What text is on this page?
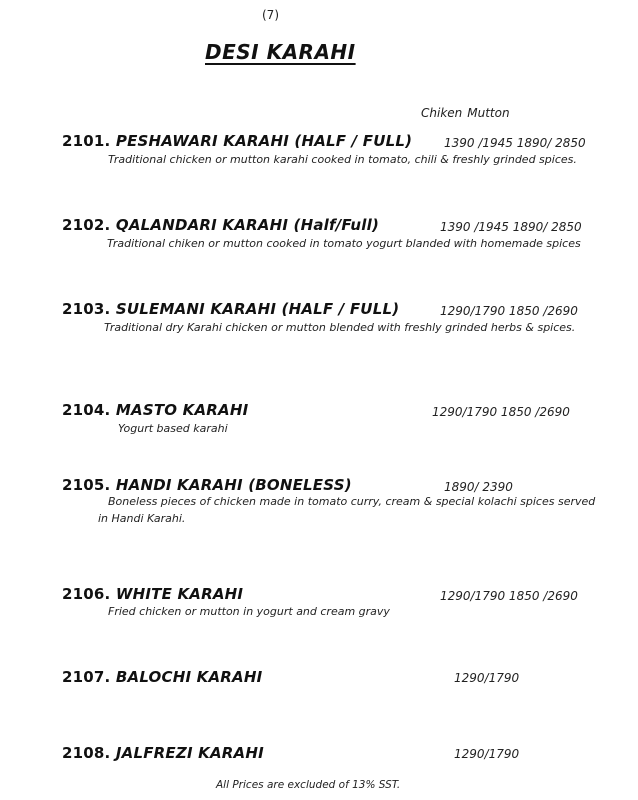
(7)
DESI KARAHI
Chiken Mutton
2101. PESHAWARI KARAHI (HALF / FULL)	1390 /1945 1890/ 2850
Traditional chicken or mutton karahi cooked in tomato, chili & freshly grinded spices.
2102. QALANDARI KARAHI (Half/Full)	1390 /1945 1890/ 2850
Traditional chiken or mutton cooked in tomato yogurt blanded with homemade spices
2103. SULEMANI KARAHI (HALF / FULL)	1290/1790 1850 /2690
Traditional dry Karahi chicken or mutton blended with freshly grinded herbs & spices.
2104. MASTO KARAHI	1290/1790 1850 /2690
Yogurt based karahi
2105. HANDI KARAHI (BONELESS)	1890/ 2390
Boneless pieces of chicken made in tomato curry, cream & special kolachi spices served
in Handi Karahi.
2106. WHITE KARAHI	1290/1790 1850 /2690
Fried chicken or mutton in yogurt and cream gravy
2107. BALOCHI KARAHI	1290/1790
2108. JALFREZI KARAHI	1290/1790
All Prices are excluded of 13% SST.
